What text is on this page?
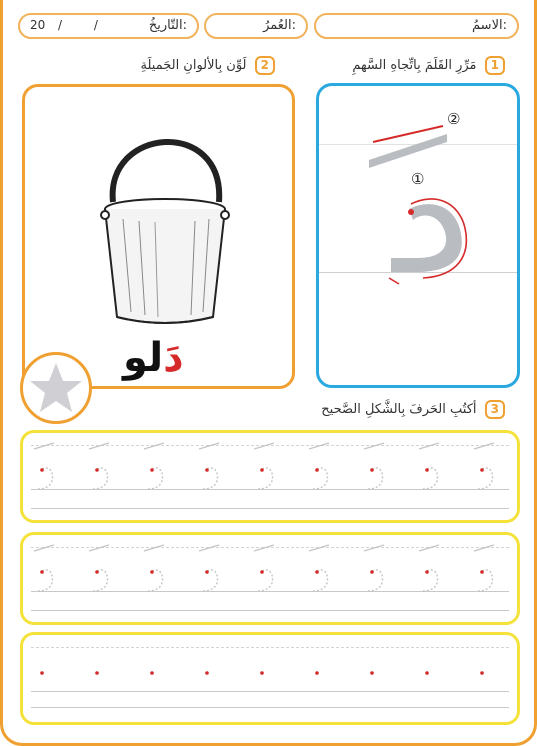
الاسمُ:
العُمرُ:
20 / /	التّاريخُ:
1 مَرِّرِ القَلَمَ بِاتِّجاهِ السَّهمِ
2 لَوِّن بِالألوانِ الجَميلَةِ
دَلو
①
②
3 أكتُبِ الحَرفَ بِالشَّكلِ الصَّحيح
